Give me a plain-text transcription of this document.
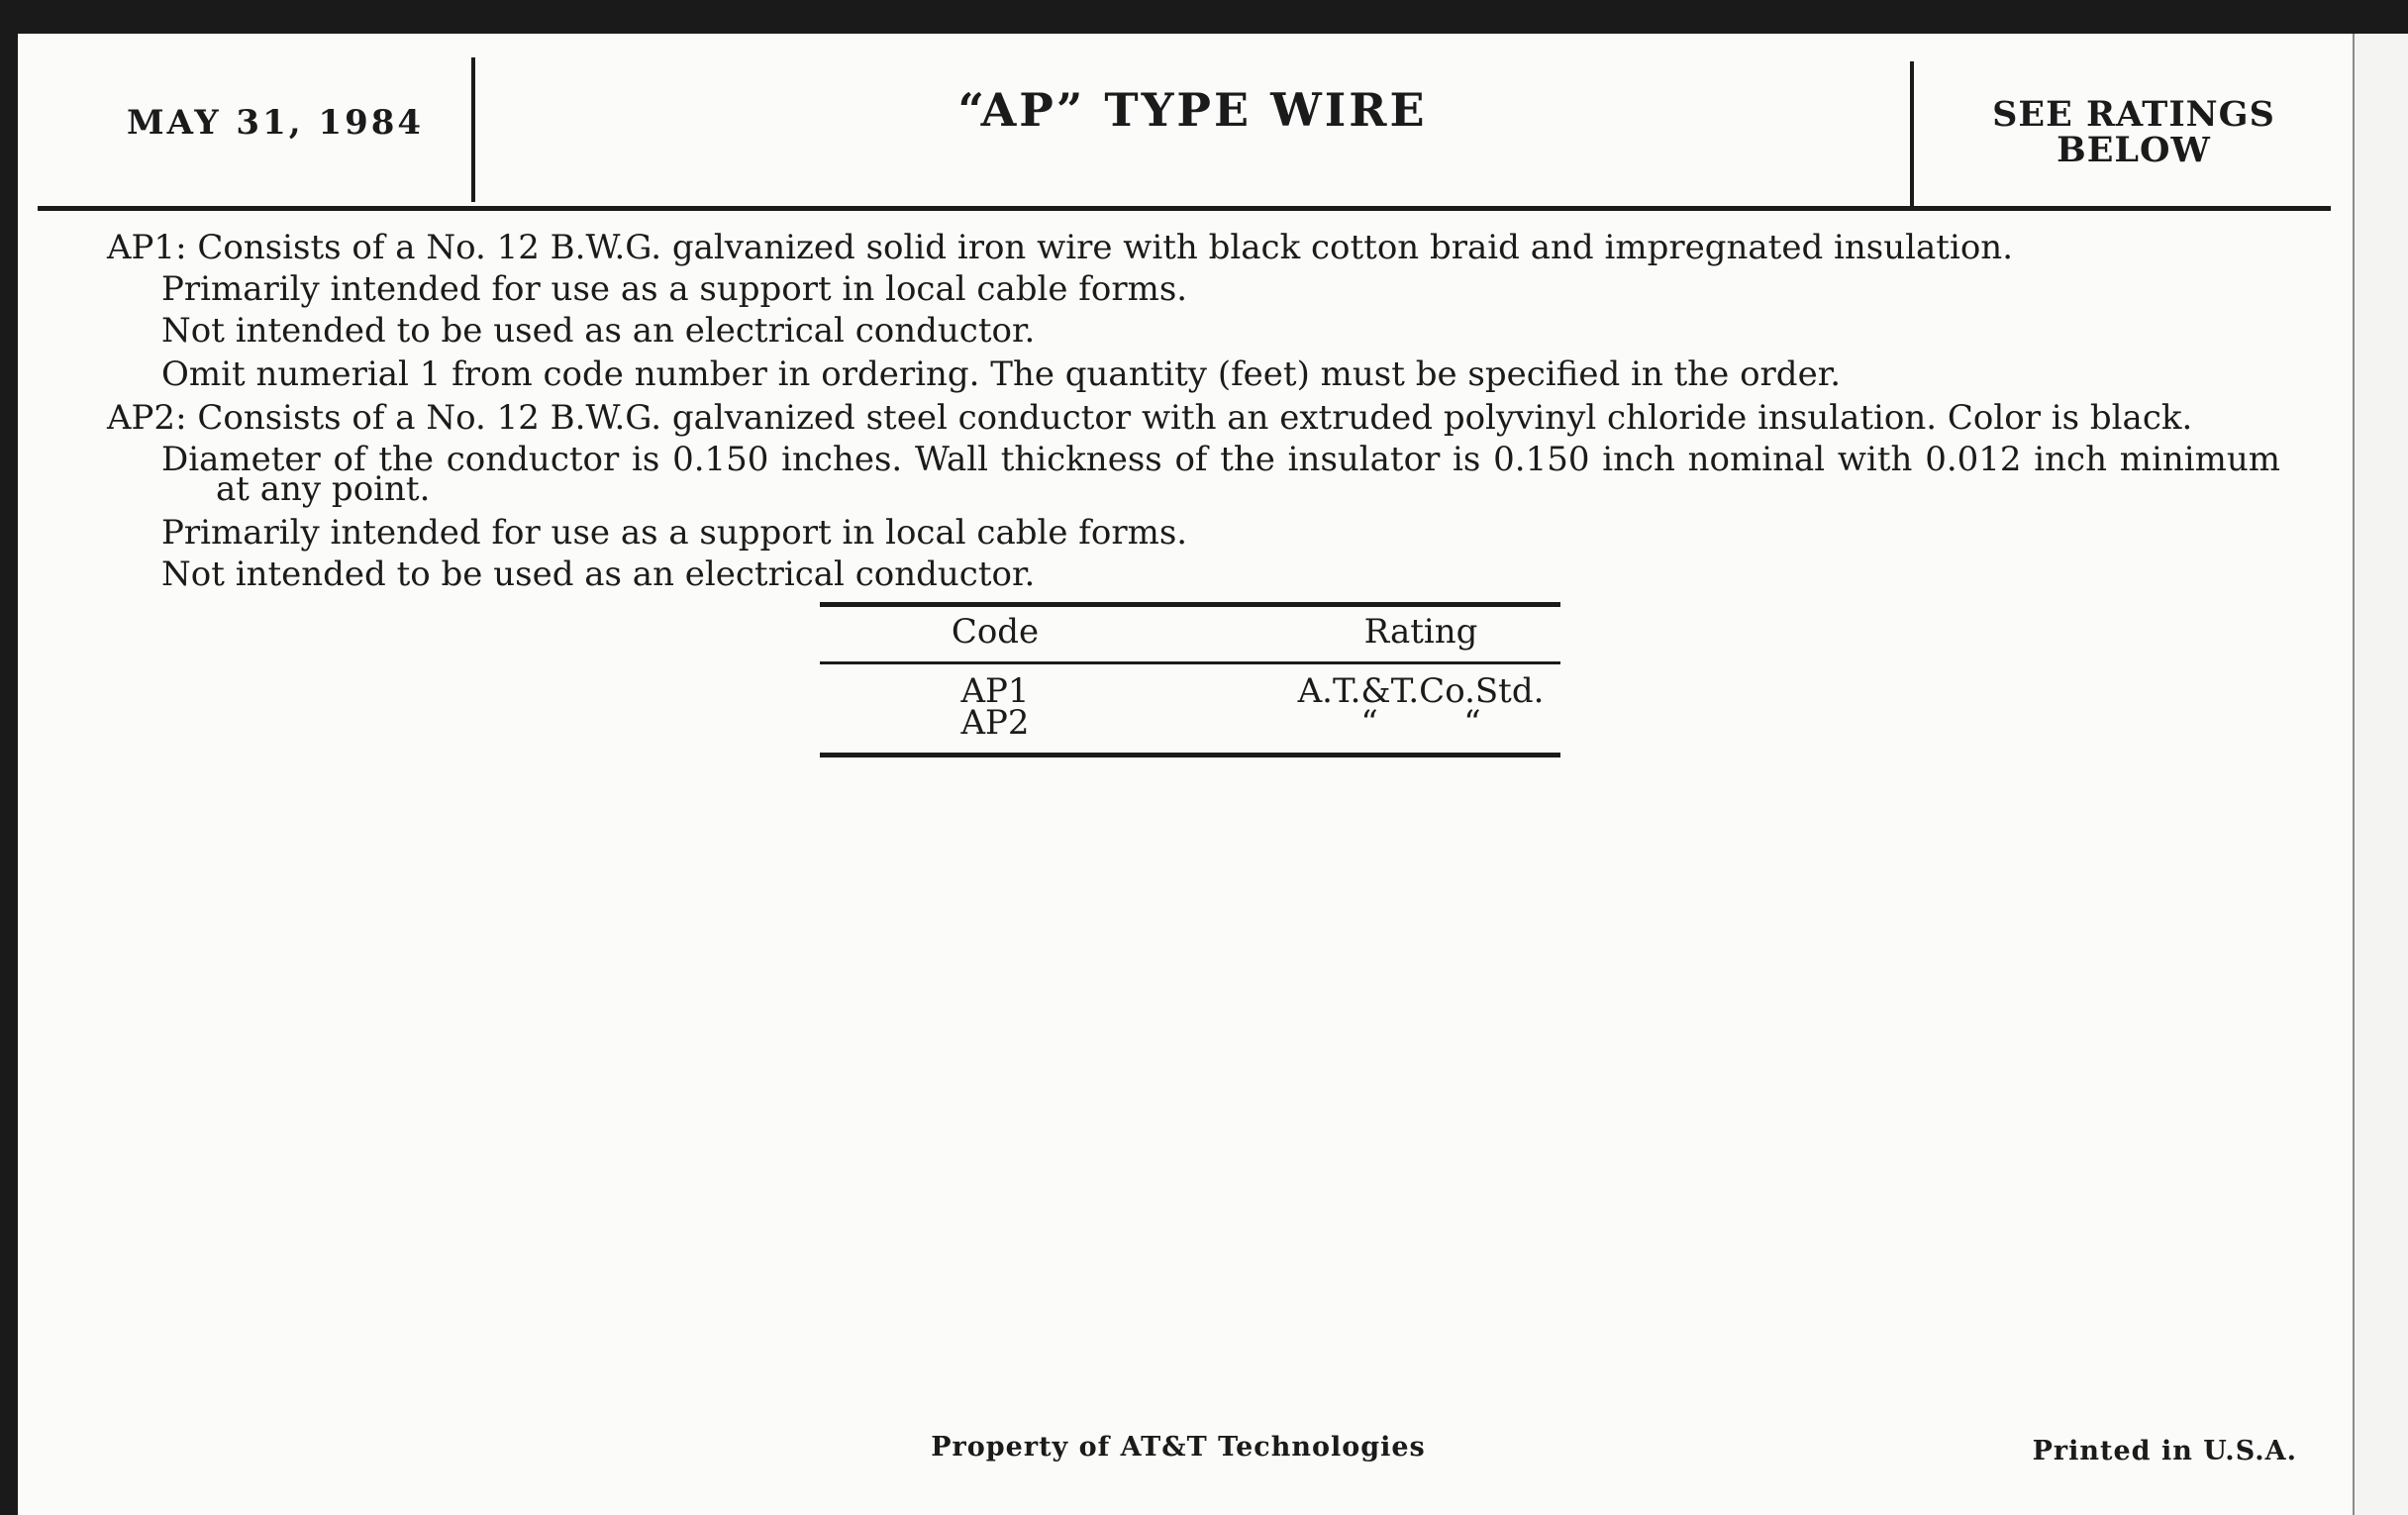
MAY 31, 1984	“AP” TYPE WIRE	SEE RATINGS
BELOW
AP1: Consists of a No. 12 B.W.G. galvanized solid iron wire with black cotton braid and impregnated insulation.
Primarily intended for use as a support in local cable forms.
Not intended to be used as an electrical conductor.
Omit numerial 1 from code number in ordering. The quantity (feet) must be specified in the order.
AP2: Consists of a No. 12 B.W.G. galvanized steel conductor with an extruded polyvinyl chloride insulation. Color is black.
Diameter of the conductor is 0.150 inches. Wall thickness of the insulator is 0.150 inch nominal with 0.012 inch minimum
at any point.
Primarily intended for use as a support in local cable forms.
Not intended to be used as an electrical conductor.
Code	Rating
AP1	A.T.&T.Co.Std.
AP2	“        “
Property of AT&T Technologies	Printed in U.S.A.
